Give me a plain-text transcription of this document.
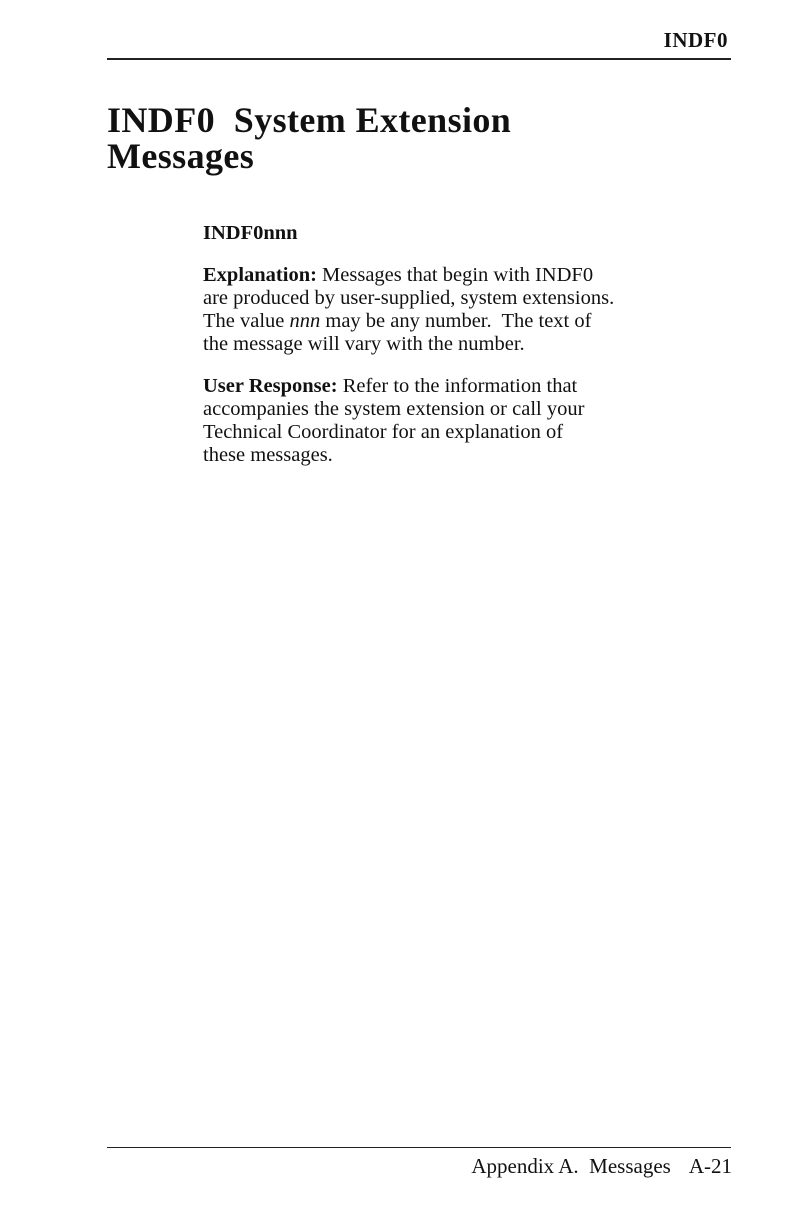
INDF0
INDF0  System Extension
Messages
INDF0nnn
Explanation: Messages that begin with INDF0
are produced by user-supplied, system extensions.
The value nnn may be any number.  The text of
the message will vary with the number.
User Response: Refer to the information that
accompanies the system extension or call your
Technical Coordinator for an explanation of
these messages.
Appendix A.  Messages A-21
